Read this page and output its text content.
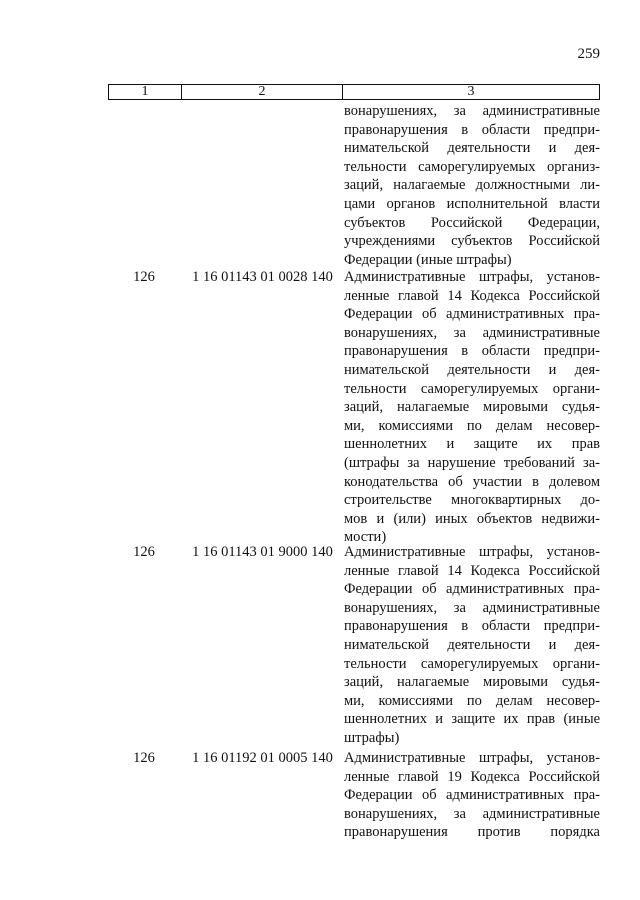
259
1	2	3
вонарушениях, за административные
правонарушения в области предпри-
нимательской деятельности и дея-
тельности саморегулируемых организ-
заций, налагаемые должностными ли-
цами органов исполнительной власти
субъектов Российской Федерации,
учреждениями субъектов Российской
Федерации (иные штрафы)
126	1 16 01143 01 0028 140 Административные штрафы, установ-
ленные главой 14 Кодекса Российской
Федерации об административных пра-
вонарушениях, за административные
правонарушения в области предпри-
нимательской деятельности и дея-
тельности саморегулируемых органи-
заций, налагаемые мировыми судья-
ми, комиссиями по делам несовер-
шеннолетних и защите их прав
(штрафы за нарушение требований за-
конодательства об участии в долевом
строительстве многоквартирных до-
мов и (или) иных объектов недвижи-
мости)
126	1 16 01143 01 9000 140 Административные штрафы, установ-
ленные главой 14 Кодекса Российской
Федерации об административных пра-
вонарушениях, за административные
правонарушения в области предпри-
нимательской деятельности и дея-
тельности саморегулируемых органи-
заций, налагаемые мировыми судья-
ми, комиссиями по делам несовер-
шеннолетних и защите их прав (иные
штрафы)
126	1 16 01192 01 0005 140 Административные штрафы, установ-
ленные главой 19 Кодекса Российской
Федерации об административных пра-
вонарушениях, за административные
правонарушения против порядка
